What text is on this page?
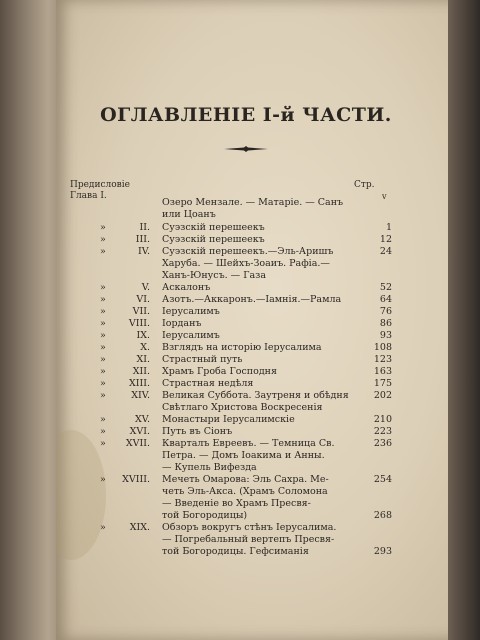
ОГЛАВЛЕНІЕ I-й ЧАСТИ.
Предисловіе
Глава I.
Стр.
v
Озеро Мензале. — Матаріе. — Санъ
или Цоанъ
»	II. Суэзскій перешеекъ	1
»	III. Суэзскій перешеекъ	12
»	IV. Суэзскій перешеекъ.—Эль-Аришъ	24
Харуба. — Шейхъ-Зоаиъ. Рафіа.—
Ханъ-Юнусъ. — Газа
»	V. Аскалонъ	52
»	VI. Азотъ.—Аккаронъ.—Іамнія.—Рамла	64
»	VII. Іерусалимъ	76
»	VIII. Іорданъ	86
»	IX. Іерусалимъ	93
»	X. Взглядъ на исторію Іерусалима	108
»	XI. Страстный путь	123
»	XII. Храмъ Гроба Господня	163
»	XIII. Страстная недѣля	175
»	XIV. Великая Суббота. Заутреня и обѣдня	202
Свѣтлаго Христова Воскресенія
»	XV. Монастыри Іерусалимскіе	210
»	XVI. Путь въ Сіонъ	223
»	XVII. Кварталъ Евреевъ. — Темница Св.	236
Петра. — Домъ Іоакима и Анны.
— Купель Вифезда
» XVIII. Мечеть Омарова: Эль Сахра. Ме-	254
четь Эль-Акса. (Храмъ Соломона
— Введеніе во Храмъ Пресвя-
той Богородицы)	268
»	XIX. Обзоръ вокругъ стѣнъ Іерусалима.
— Погребальный вертепъ Пресвя-
той Богородицы. Гефсиманія	293
